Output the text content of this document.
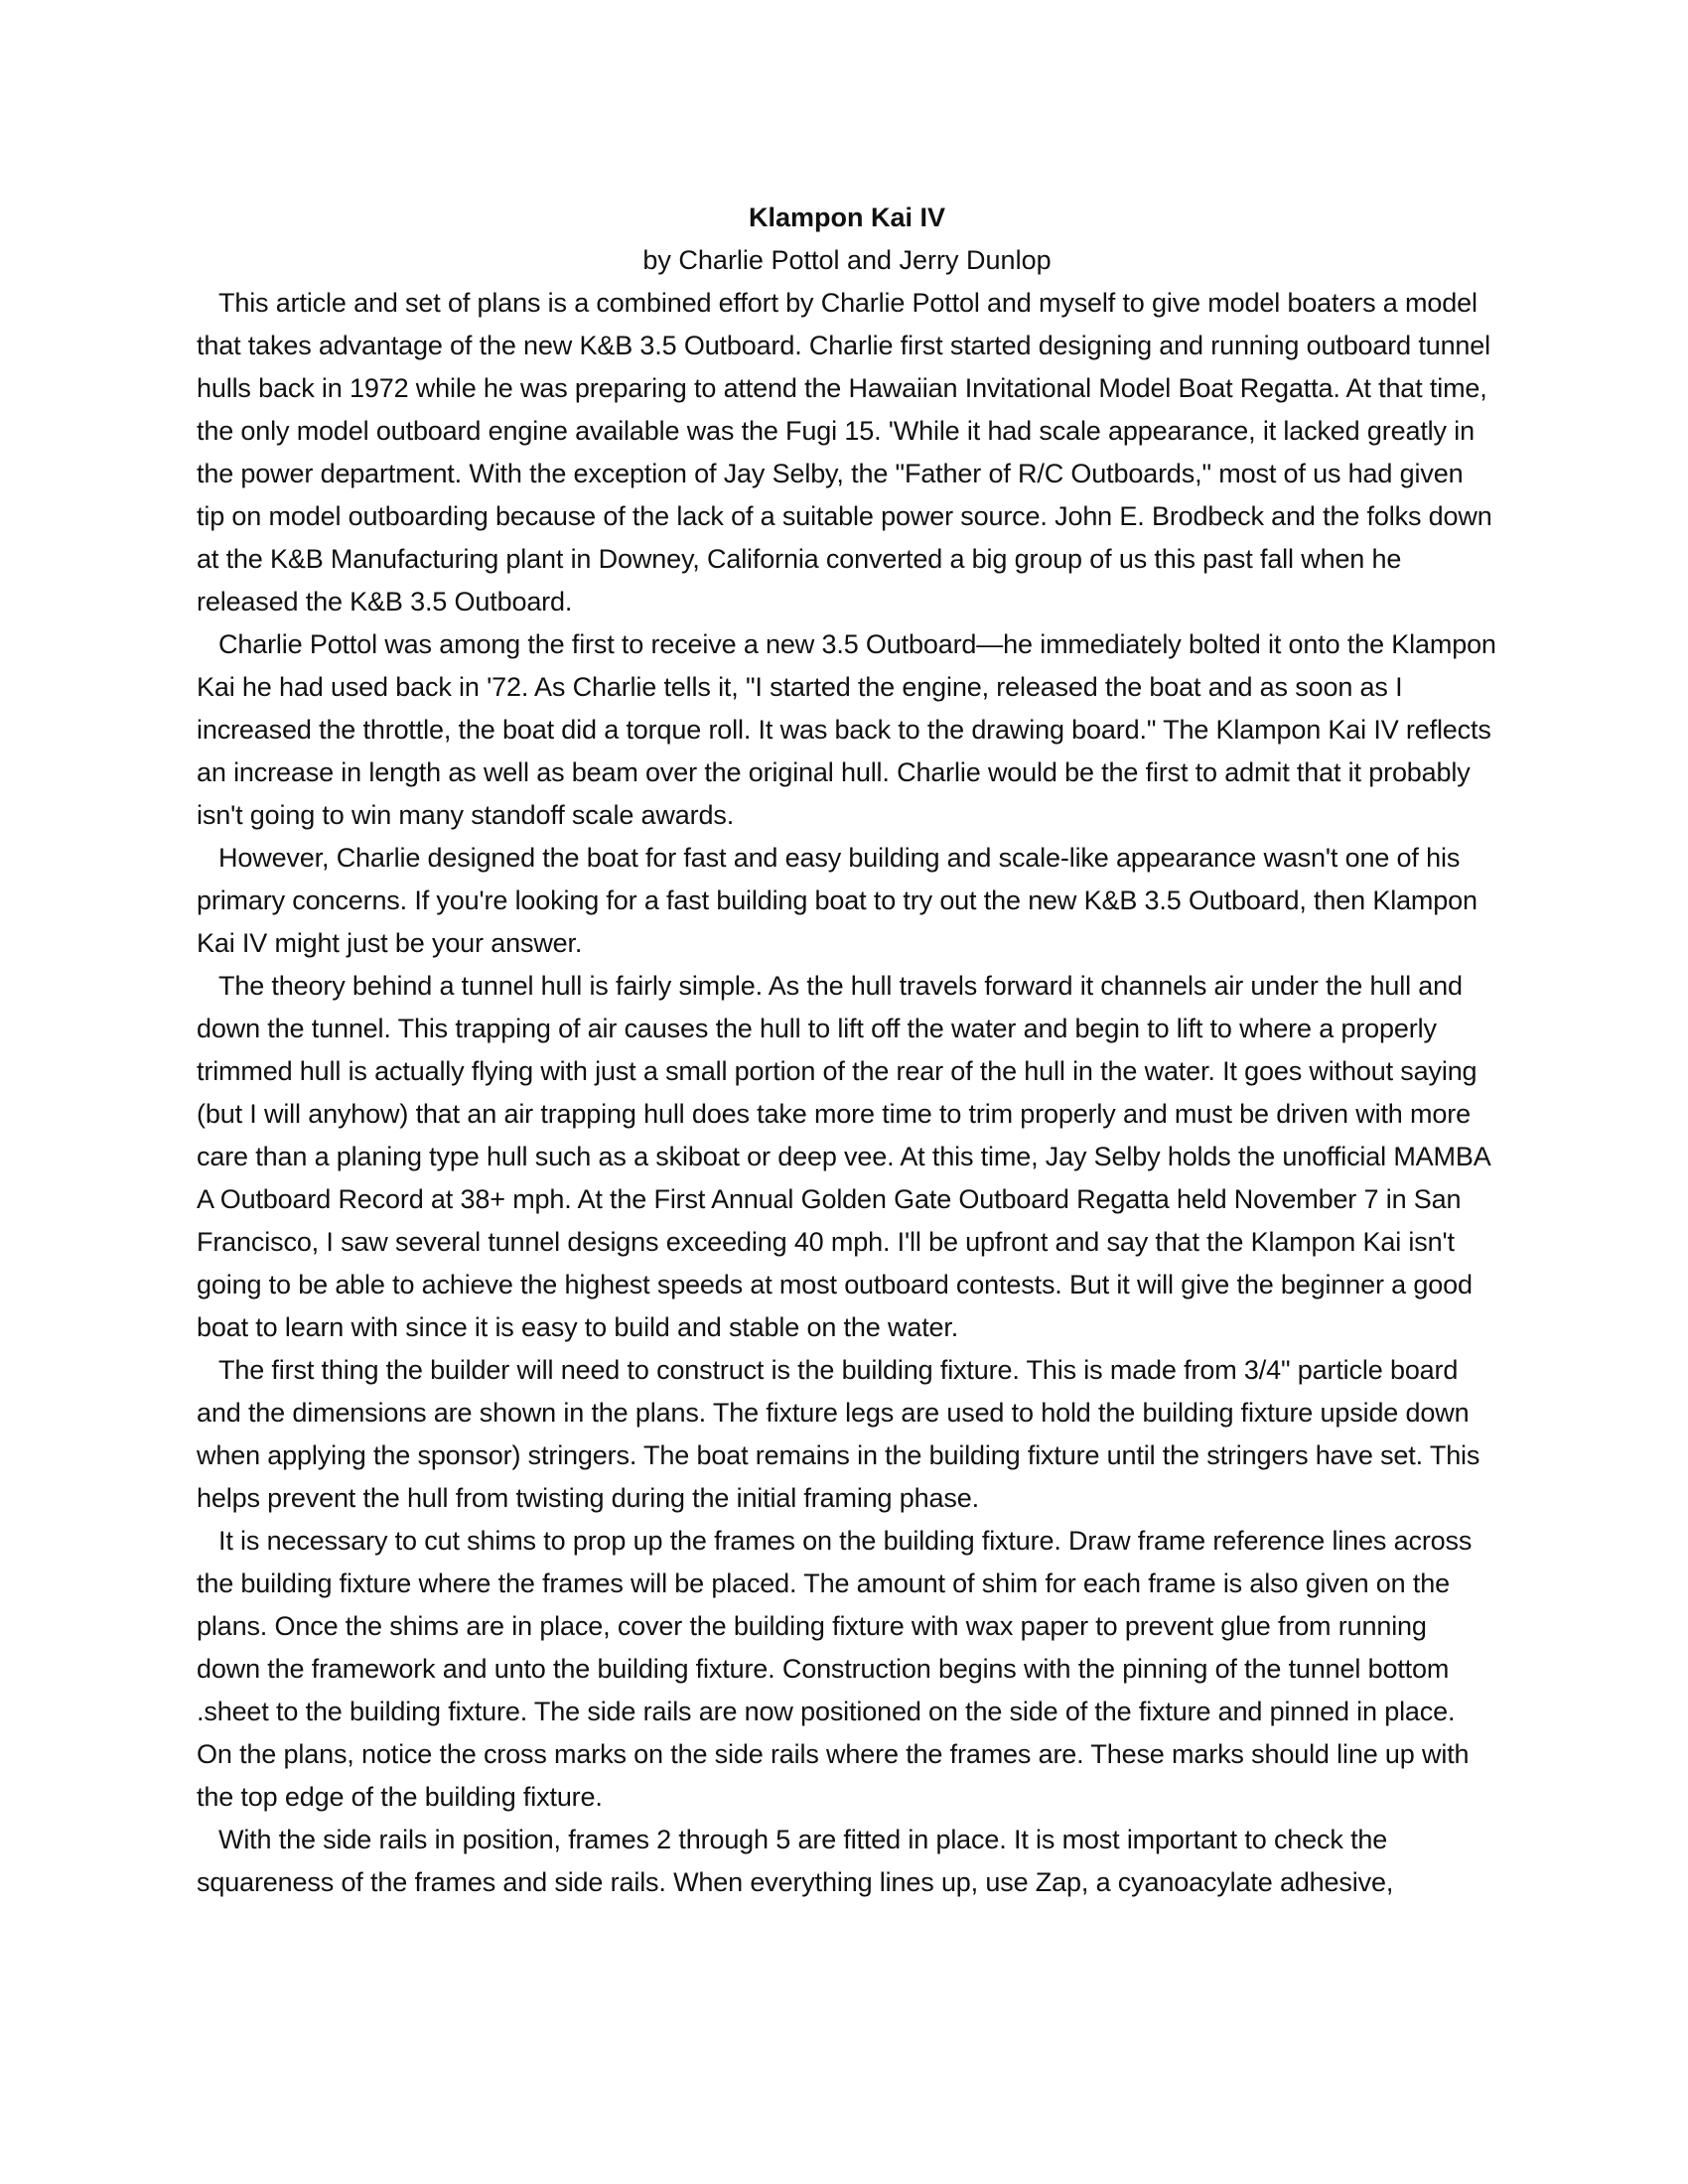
Klampon Kai IV
by Charlie Pottol and Jerry Dunlop

This article and set of plans is a combined effort by Charlie Pottol and myself to give model boaters a model that takes advantage of the new K&B 3.5 Outboard. Charlie first started designing and running outboard tunnel hulls back in 1972 while he was preparing to attend the Hawaiian Invitational Model Boat Regatta. At that time, the only model outboard engine available was the Fugi 15. 'While it had scale appearance, it lacked greatly in the power department. With the exception of Jay Selby, the "Father of R/C Outboards," most of us had given tip on model outboarding because of the lack of a suitable power source. John E. Brodbeck and the folks down at the K&B Manufacturing plant in Downey, California converted a big group of us this past fall when he released the K&B 3.5 Outboard.

Charlie Pottol was among the first to receive a new 3.5 Outboard—he immediately bolted it onto the Klampon Kai he had used back in '72. As Charlie tells it, "I started the engine, released the boat and as soon as I increased the throttle, the boat did a torque roll. It was back to the drawing board." The Klampon Kai IV reflects an increase in length as well as beam over the original hull. Charlie would be the first to admit that it probably isn't going to win many standoff scale awards.

However, Charlie designed the boat for fast and easy building and scale-like appearance wasn't one of his primary concerns. If you're looking for a fast building boat to try out the new K&B 3.5 Outboard, then Klampon Kai IV might just be your answer.

The theory behind a tunnel hull is fairly simple. As the hull travels forward it channels air under the hull and down the tunnel. This trapping of air causes the hull to lift off the water and begin to lift to where a properly trimmed hull is actually flying with just a small portion of the rear of the hull in the water. It goes without saying (but I will anyhow) that an air trapping hull does take more time to trim properly and must be driven with more care than a planing type hull such as a skiboat or deep vee. At this time, Jay Selby holds the unofficial MAMBA A Outboard Record at 38+ mph. At the First Annual Golden Gate Outboard Regatta held November 7 in San Francisco, I saw several tunnel designs exceeding 40 mph. I'll be upfront and say that the Klampon Kai isn't going to be able to achieve the highest speeds at most outboard contests. But it will give the beginner a good boat to learn with since it is easy to build and stable on the water.

The first thing the builder will need to construct is the building fixture. This is made from 3/4" particle board and the dimensions are shown in the plans. The fixture legs are used to hold the building fixture upside down when applying the sponsor) stringers. The boat remains in the building fixture until the stringers have set. This helps prevent the hull from twisting during the initial framing phase.

It is necessary to cut shims to prop up the frames on the building fixture. Draw frame reference lines across the building fixture where the frames will be placed. The amount of shim for each frame is also given on the plans. Once the shims are in place, cover the building fixture with wax paper to prevent glue from running down the framework and unto the building fixture. Construction begins with the pinning of the tunnel bottom .sheet to the building fixture. The side rails are now positioned on the side of the fixture and pinned in place. On the plans, notice the cross marks on the side rails where the frames are. These marks should line up with the top edge of the building fixture.

With the side rails in position, frames 2 through 5 are fitted in place. It is most important to check the squareness of the frames and side rails. When everything lines up, use Zap, a cyanoacylate adhesive,
